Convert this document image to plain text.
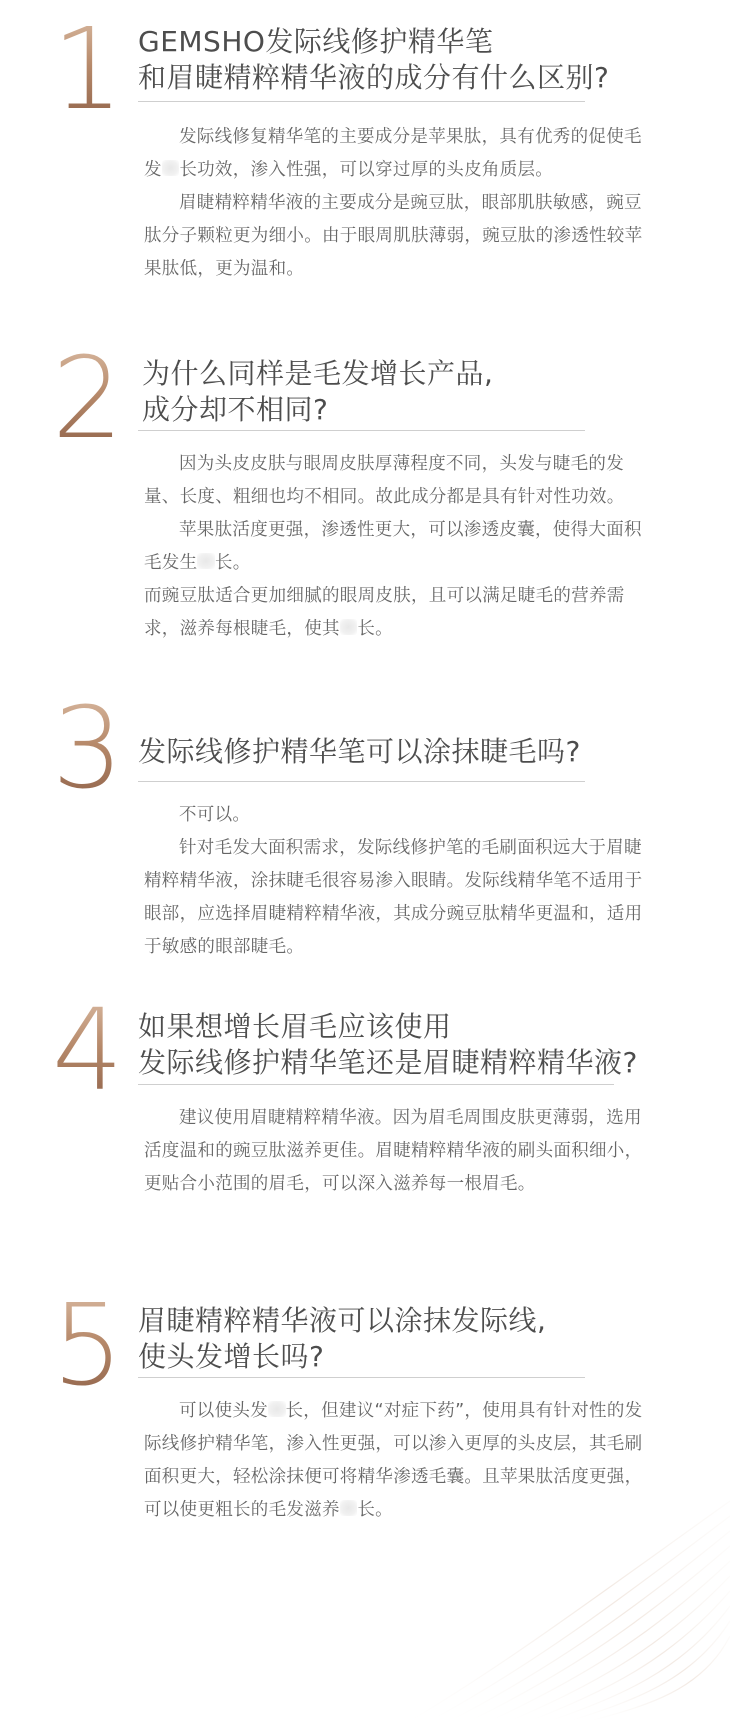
1 GEMSHO发际线修护精华笔
和眉睫精粹精华液的成分有什么区别?

发际线修复精华笔的主要成分是苹果肽，具有优秀的促使毛发 长功效，渗入性强，可以穿过厚的头皮角质层。

眉睫精粹精华液的主要成分是豌豆肽，眼部肌肤敏感，豌豆肽分子颗粒更为细小。由于眼周肌肤薄弱，豌豆肽的渗透性较苹果肽低，更为温和。

2 为什么同样是毛发增长产品,
成分却不相同?

因为头皮皮肤与眼周皮肤厚薄程度不同，头发与睫毛的发量、长度、粗细也均不相同。故此成分都是具有针对性功效。

苹果肽活度更强，渗透性更大，可以渗透皮囊，使得大面积毛发生 长。

而豌豆肽适合更加细腻的眼周皮肤，且可以满足睫毛的营养需求，滋养每根睫毛，使其 长。

3 发际线修护精华笔可以涂抹睫毛吗?

不可以。

针对毛发大面积需求，发际线修护笔的毛刷面积远大于眉睫精粹精华液，涂抹睫毛很容易渗入眼睛。发际线精华笔不适用于眼部，应选择眉睫精粹精华液，其成分豌豆肽精华更温和，适用于敏感的眼部睫毛。

4 如果想增长眉毛应该使用
发际线修护精华笔还是眉睫精粹精华液?

建议使用眉睫精粹精华液。因为眉毛周围皮肤更薄弱，选用活度温和的豌豆肽滋养更佳。眉睫精粹精华液的刷头面积细小，更贴合小范围的眉毛，可以深入滋养每一根眉毛。

5 眉睫精粹精华液可以涂抹发际线,
使头发增长吗?

可以使头发 长，但建议“对症下药”，使用具有针对性的发际线修护精华笔，渗入性更强，可以渗入更厚的头皮层，其毛刷面积更大，轻松涂抹便可将精华渗透毛囊。且苹果肽活度更强，可以使更粗长的毛发滋养 长。
